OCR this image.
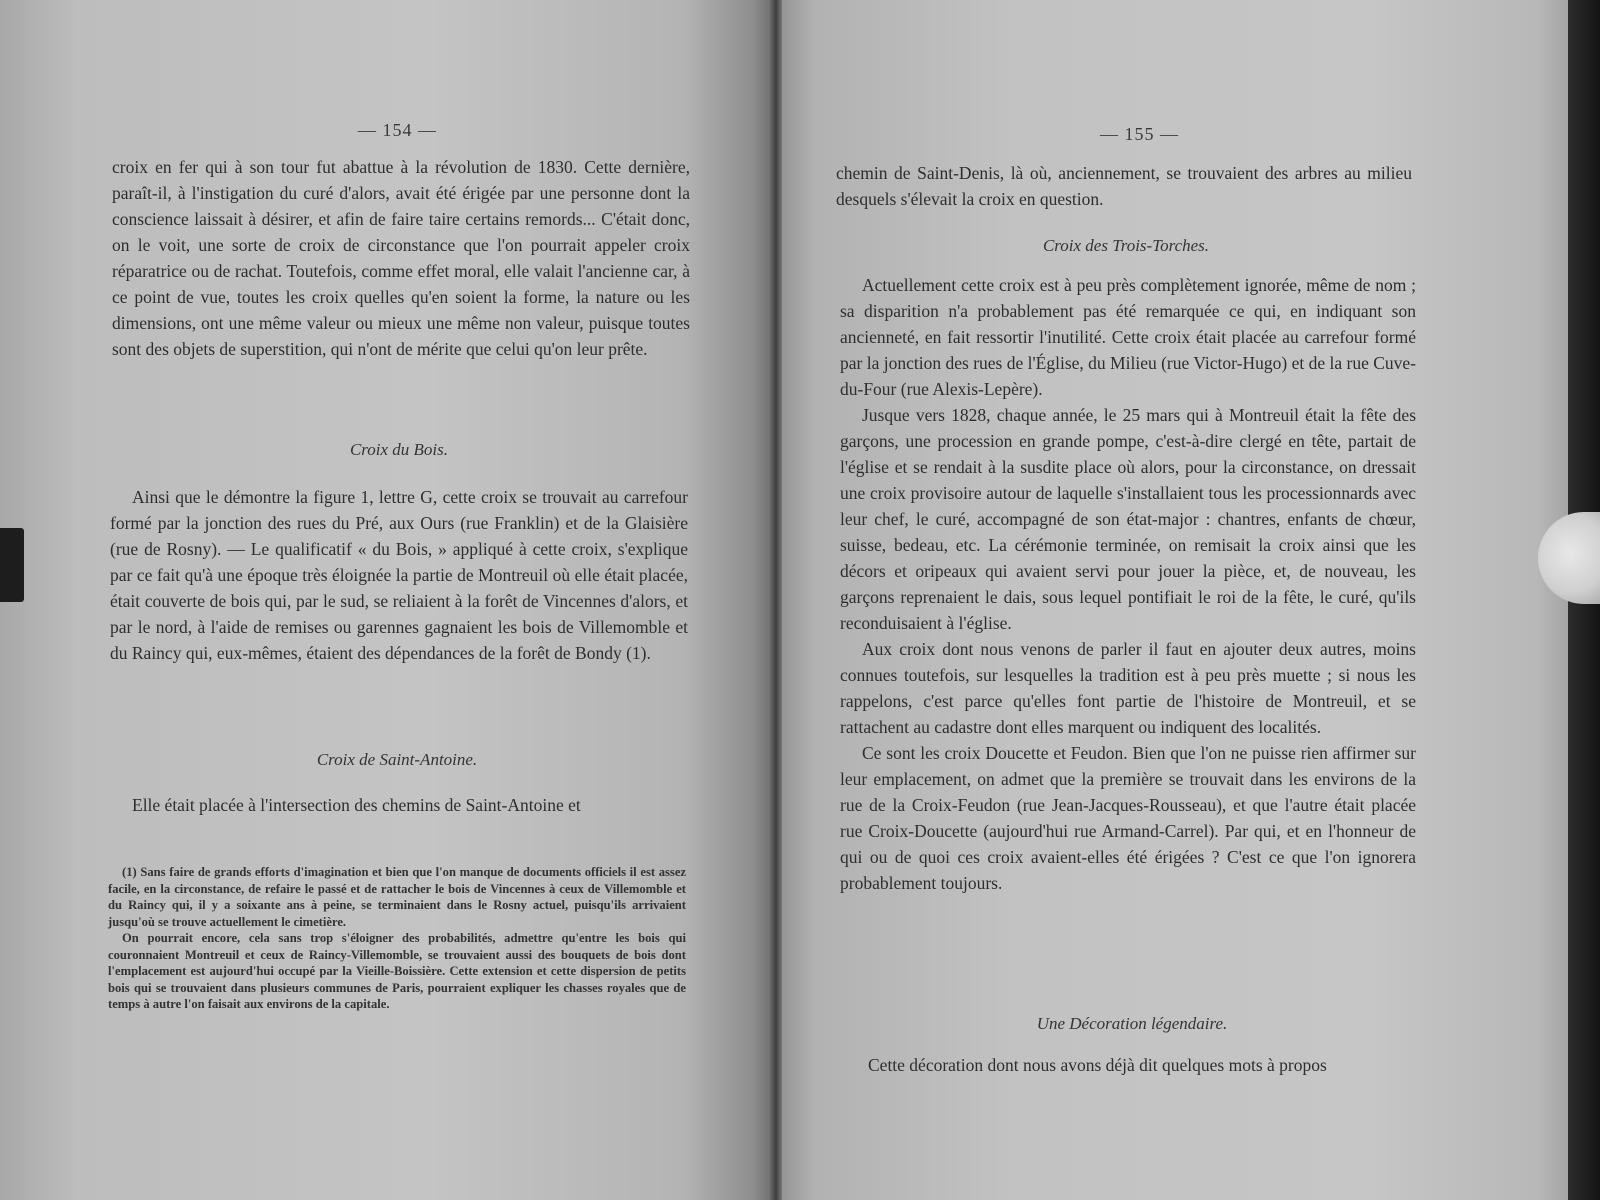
— 154 —

croix en fer qui à son tour fut abattue à la révolution de 1830. Cette dernière, paraît-il, à l'instigation du curé d'alors, avait été érigée par une personne dont la conscience laissait à désirer, et afin de faire taire certains remords... C'était donc, on le voit, une sorte de croix de circonstance que l'on pourrait appeler croix réparatrice ou de rachat. Toutefois, comme effet moral, elle valait l'ancienne car, à ce point de vue, toutes les croix quelles qu'en soient la forme, la nature ou les dimensions, ont une même valeur ou mieux une même non valeur, puisque toutes sont des objets de superstition, qui n'ont de mérite que celui qu'on leur prête.

Croix du Bois.

Ainsi que le démontre la figure 1, lettre G, cette croix se trouvait au carrefour formé par la jonction des rues du Pré, aux Ours (rue Franklin) et de la Glaisière (rue de Rosny). — Le qualificatif « du Bois, » appliqué à cette croix, s'explique par ce fait qu'à une époque très éloignée la partie de Montreuil où elle était placée, était couverte de bois qui, par le sud, se reliaient à la forêt de Vincennes d'alors, et par le nord, à l'aide de remises ou garennes gagnaient les bois de Villemomble et du Raincy qui, eux-mêmes, étaient des dépendances de la forêt de Bondy (1).

Croix de Saint-Antoine.

Elle était placée à l'intersection des chemins de Saint-Antoine et

(1) Sans faire de grands efforts d'imagination et bien que l'on manque de documents officiels il est assez facile, en la circonstance, de refaire le passé et de rattacher le bois de Vincennes à ceux de Villemomble et du Raincy qui, il y a soixante ans à peine, se terminaient dans le Rosny actuel, puisqu'ils arrivaient jusqu'où se trouve actuellement le cimetière.

On pourrait encore, cela sans trop s'éloigner des probabilités, admettre qu'entre les bois qui couronnaient Montreuil et ceux de Raincy-Villemomble, se trouvaient aussi des bouquets de bois dont l'emplacement est aujourd'hui occupé par la Vieille-Boissière. Cette extension et cette dispersion de petits bois qui se trouvaient dans plusieurs communes de Paris, pourraient expliquer les chasses royales que de temps à autre l'on faisait aux environs de la capitale.

— 155 —

chemin de Saint-Denis, là où, anciennement, se trouvaient des arbres au milieu desquels s'élevait la croix en question.

Croix des Trois-Torches.

Actuellement cette croix est à peu près complètement ignorée, même de nom ; sa disparition n'a probablement pas été remarquée ce qui, en indiquant son ancienneté, en fait ressortir l'inutilité. Cette croix était placée au carrefour formé par la jonction des rues de l'Église, du Milieu (rue Victor-Hugo) et de la rue Cuve-du-Four (rue Alexis-Lepère).

Jusque vers 1828, chaque année, le 25 mars qui à Montreuil était la fête des garçons, une procession en grande pompe, c'est-à-dire clergé en tête, partait de l'église et se rendait à la susdite place où alors, pour la circonstance, on dressait une croix provisoire autour de laquelle s'installaient tous les processionnards avec leur chef, le curé, accompagné de son état-major : chantres, enfants de chœur, suisse, bedeau, etc. La cérémonie terminée, on remisait la croix ainsi que les décors et oripeaux qui avaient servi pour jouer la pièce, et, de nouveau, les garçons reprenaient le dais, sous lequel pontifiait le roi de la fête, le curé, qu'ils reconduisaient à l'église.

Aux croix dont nous venons de parler il faut en ajouter deux autres, moins connues toutefois, sur lesquelles la tradition est à peu près muette ; si nous les rappelons, c'est parce qu'elles font partie de l'histoire de Montreuil, et se rattachent au cadastre dont elles marquent ou indiquent des localités.

Ce sont les croix Doucette et Feudon. Bien que l'on ne puisse rien affirmer sur leur emplacement, on admet que la première se trouvait dans les environs de la rue de la Croix-Feudon (rue Jean-Jacques-Rousseau), et que l'autre était placée rue Croix-Doucette (aujourd'hui rue Armand-Carrel). Par qui, et en l'honneur de qui ou de quoi ces croix avaient-elles été érigées ? C'est ce que l'on ignorera probablement toujours.

Une Décoration légendaire.

Cette décoration dont nous avons déjà dit quelques mots à propos
